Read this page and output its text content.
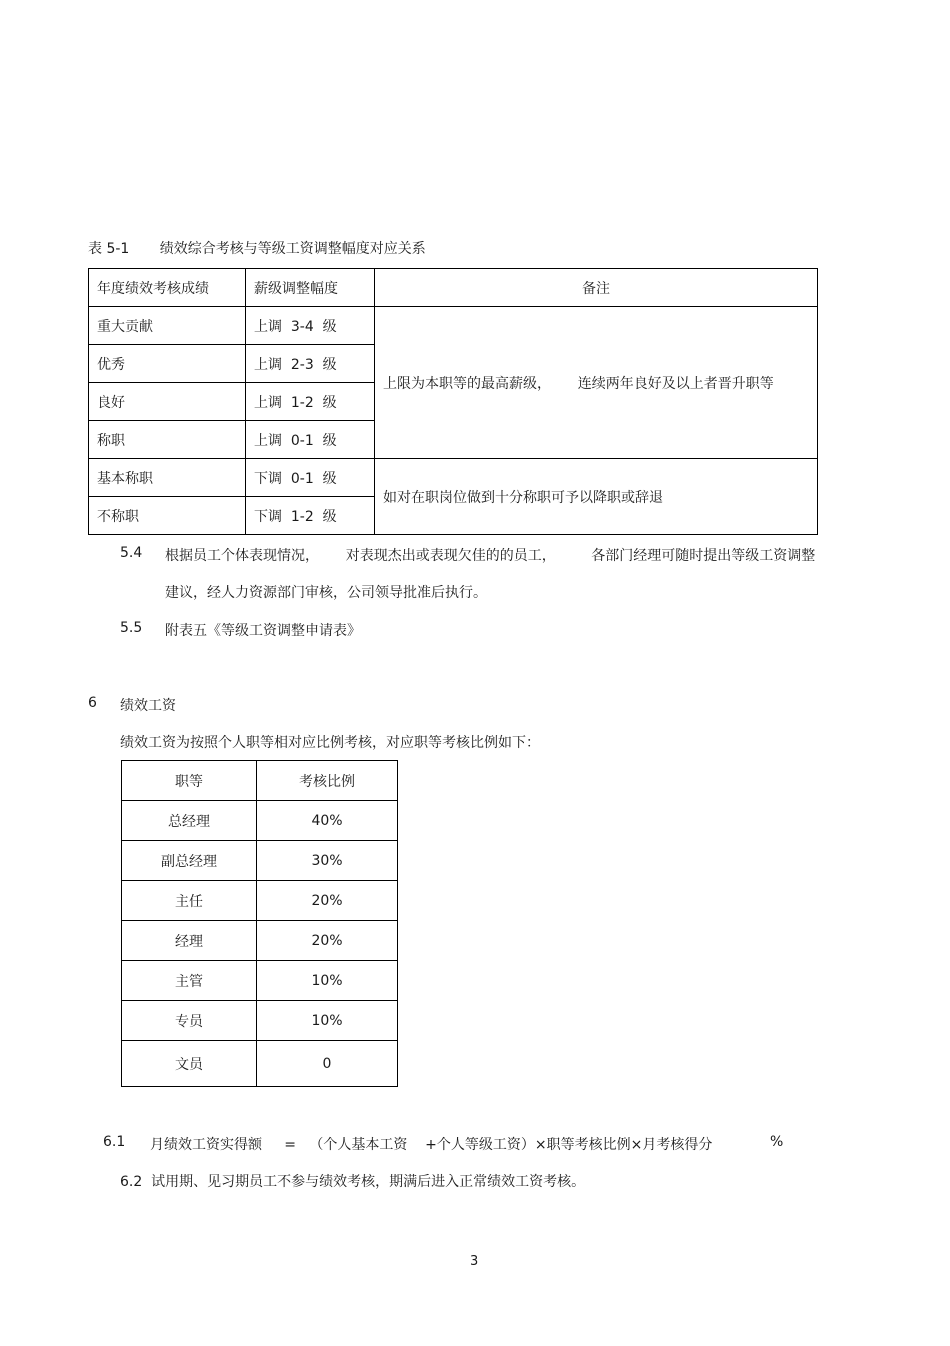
表 5-1 绩效综合考核与等级工资调整幅度对应关系
年度绩效考核成绩	薪级调整幅度	备注
重大贡献	上调  3-4  级	上限为本职等的最高薪级，      连续两年良好及以上者晋升职等
优秀	上调  2-3  级	
良好	上调  1-2  级	
称职	上调  0-1  级	
基本称职	下调  0-1  级	如对在职岗位做到十分称职可予以降职或辞退
不称职	下调  1-2  级	
5.4 根据员工个体表现情况，      对表现杰出或表现欠佳的的员工，        各部门经理可随时提出等级工资调整
建议，经人力资源部门审核，公司领导批准后执行。
5.5 附表五《等级工资调整申请表》
6 绩效工资
绩效工资为按照个人职等相对应比例考核，对应职等考核比例如下：
职等	考核比例
总经理	40%
副总经理	30%
主任	20%
经理	20%
主管	10%
专员	10%
文员	0
6.1 月绩效工资实得额     =   （个人基本工资    +个人等级工资）×职等考核比例×月考核得分	%
6.2  试用期、见习期员工不参与绩效考核，期满后进入正常绩效工资考核。
3
